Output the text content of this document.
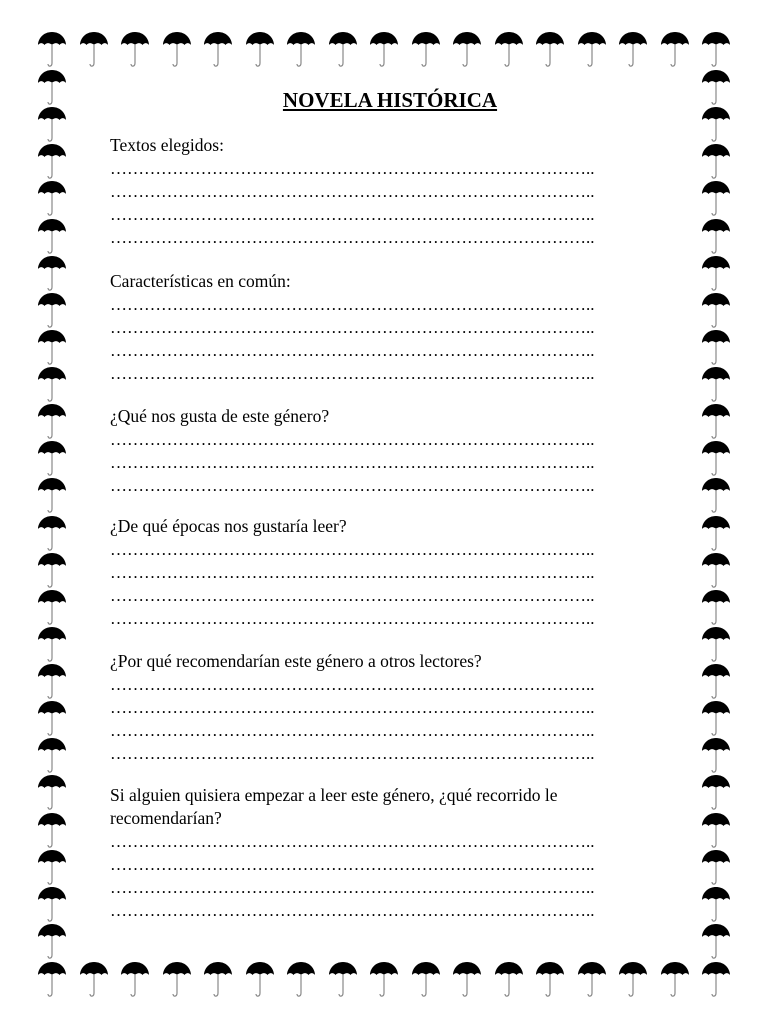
NOVELA HISTÓRICA

Textos elegidos:

…………………………………………………………………………..

…………………………………………………………………………..

…………………………………………………………………………..

…………………………………………………………………………..

Características en común:

…………………………………………………………………………..

…………………………………………………………………………..

…………………………………………………………………………..

…………………………………………………………………………..

¿Qué nos gusta de este género?

…………………………………………………………………………..

…………………………………………………………………………..

…………………………………………………………………………..

¿De qué épocas nos gustaría leer?

…………………………………………………………………………..

…………………………………………………………………………..

…………………………………………………………………………..

…………………………………………………………………………..

¿Por qué recomendarían este género a otros lectores?

…………………………………………………………………………..

…………………………………………………………………………..

…………………………………………………………………………..

…………………………………………………………………………..

Si alguien quisiera empezar a leer este género, ¿qué recorrido le recomendarían?

…………………………………………………………………………..

…………………………………………………………………………..

…………………………………………………………………………..

…………………………………………………………………………..
